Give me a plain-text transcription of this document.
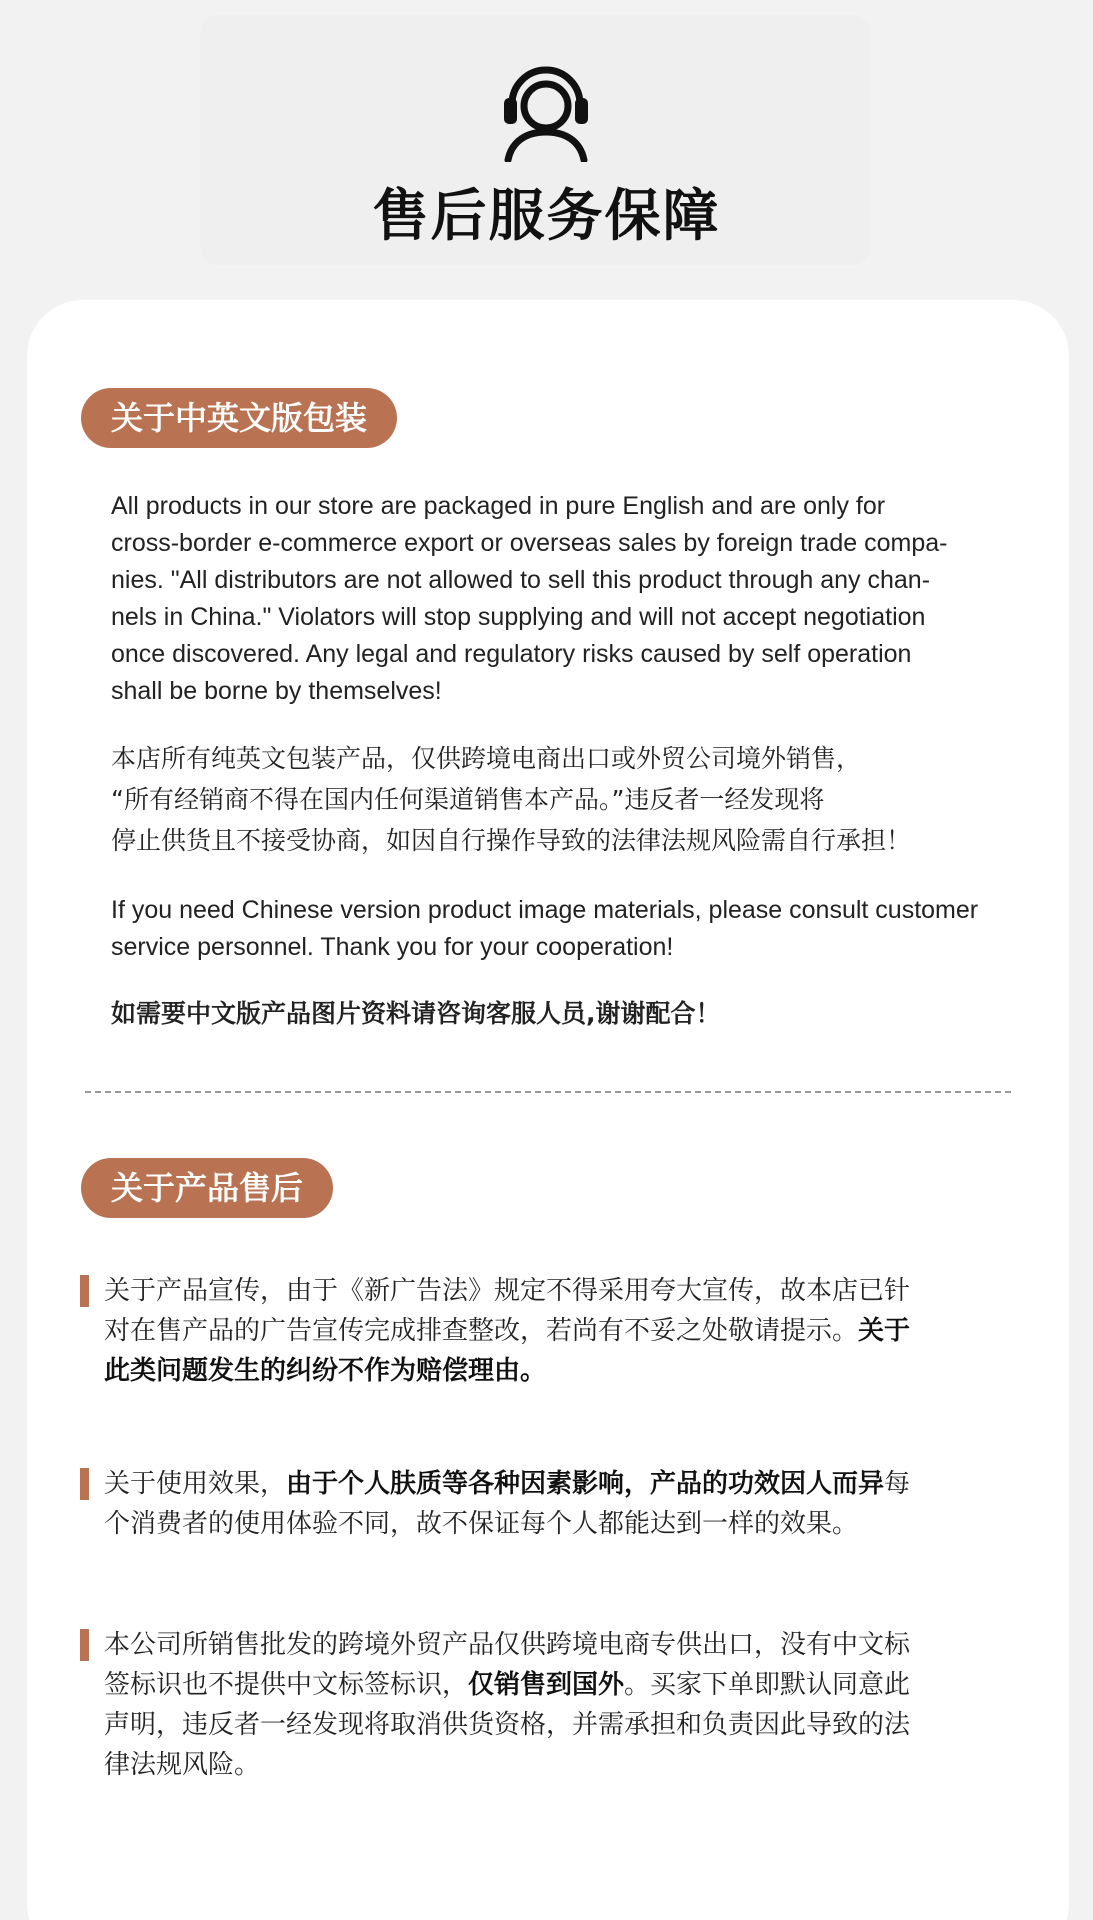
售后服务保障
关于中英文版包装
All products in our store are packaged in pure English and are only for
cross-border e-commerce export or overseas sales by foreign trade compa-
nies. "All distributors are not allowed to sell this product through any chan-
nels in China." Violators will stop supplying and will not accept negotiation
once discovered. Any legal and regulatory risks caused by self operation
shall be borne by themselves!
本店所有纯英文包装产品，仅供跨境电商出口或外贸公司境外销售，
“所有经销商不得在国内任何渠道销售本产品。”违反者一经发现将
停止供货且不接受协商，如因自行操作导致的法律法规风险需自行承担！
If you need Chinese version product image materials, please consult customer
service personnel. Thank you for your cooperation!
如需要中文版产品图片资料请咨询客服人员,谢谢配合！
关于产品售后
关于产品宣传，由于《新广告法》规定不得采用夸大宣传，故本店已针
对在售产品的广告宣传完成排查整改，若尚有不妥之处敬请提示。关于
此类问题发生的纠纷不作为赔偿理由。
关于使用效果，由于个人肤质等各种因素影响，产品的功效因人而异每
个消费者的使用体验不同，故不保证每个人都能达到一样的效果。
本公司所销售批发的跨境外贸产品仅供跨境电商专供出口，没有中文标
签标识也不提供中文标签标识，仅销售到国外。买家下单即默认同意此
声明，违反者一经发现将取消供货资格，并需承担和负责因此导致的法
律法规风险。
